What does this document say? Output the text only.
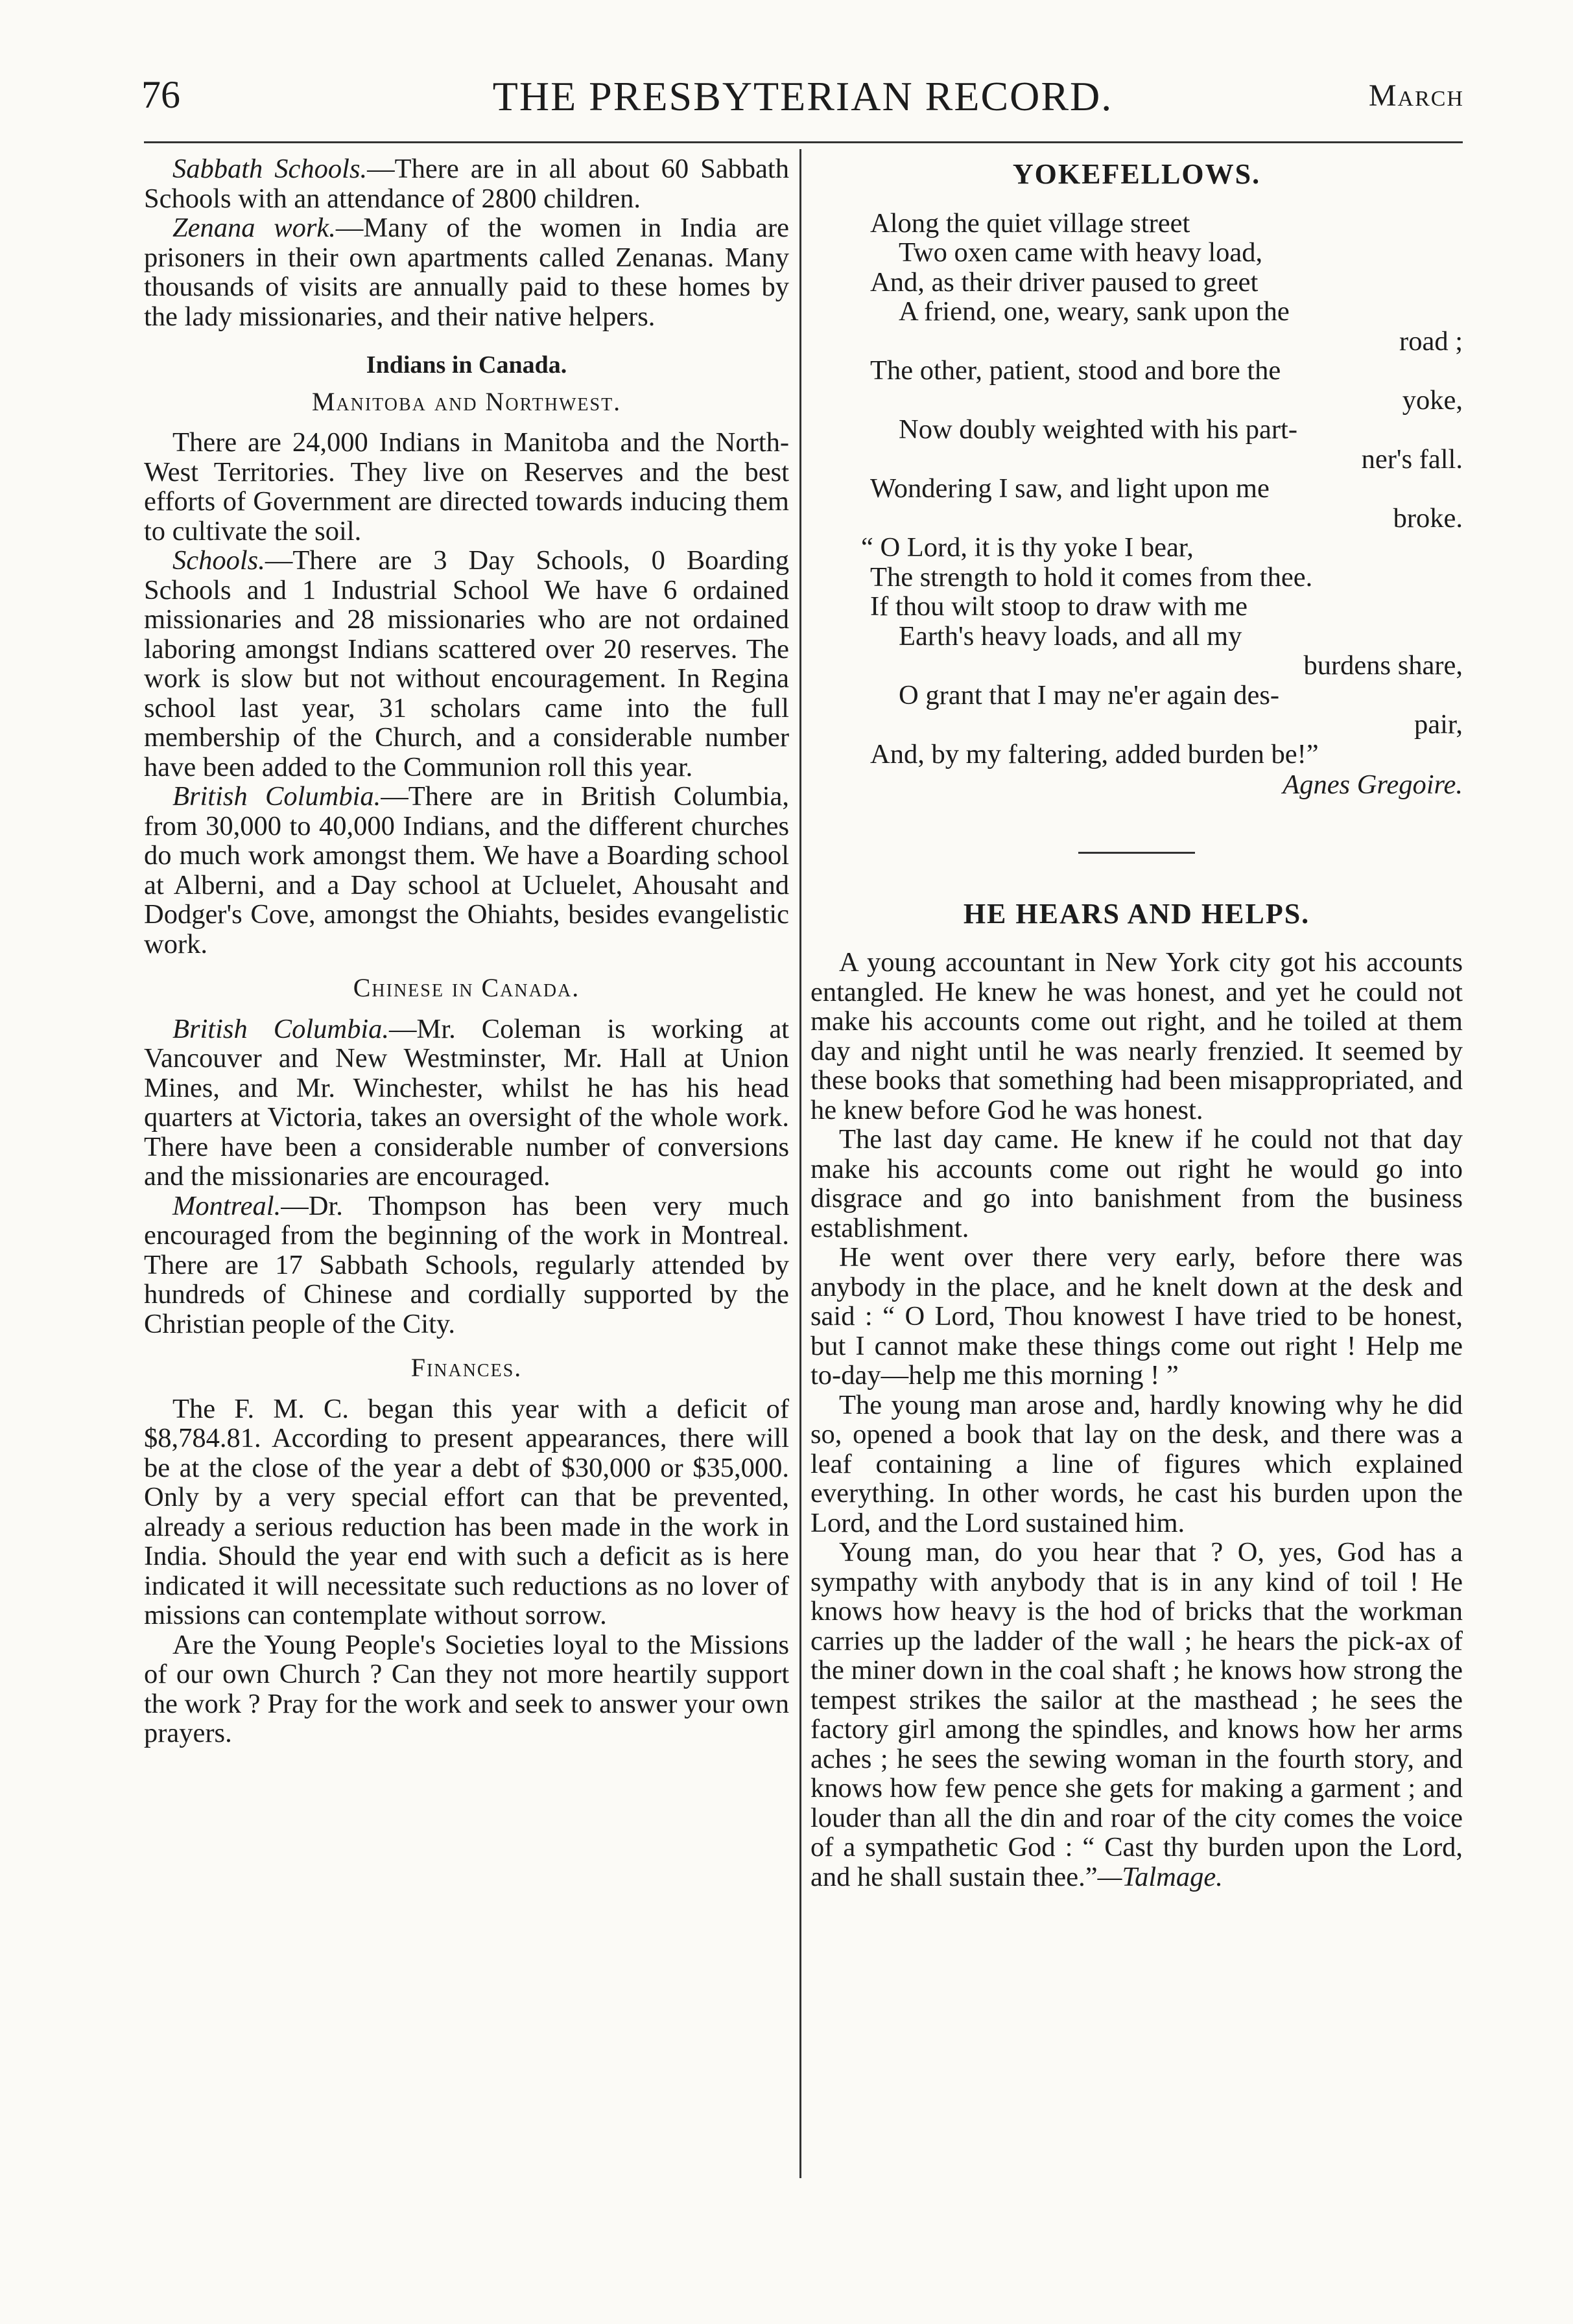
76	THE PRESBYTERIAN RECORD.	March

Sabbath Schools.—There are in all about 60 Sabbath Schools with an attendance of 2800 children.

Zenana work.—Many of the women in India are prisoners in their own apartments called Zenanas. Many thousands of visits are annually paid to these homes by the lady missionaries, and their native helpers.

Indians in Canada.
Manitoba and Northwest.

There are 24,000 Indians in Manitoba and the North-West Territories. They live on Reserves and the best efforts of Government are directed towards inducing them to cultivate the soil.

Schools.—There are 3 Day Schools, 0 Boarding Schools and 1 Industrial School We have 6 ordained missionaries and 28 missionaries who are not ordained laboring amongst Indians scattered over 20 reserves. The work is slow but not without encouragement. In Regina school last year, 31 scholars came into the full membership of the Church, and a considerable number have been added to the Communion roll this year.

British Columbia.—There are in British Columbia, from 30,000 to 40,000 Indians, and the different churches do much work amongst them. We have a Boarding school at Alberni, and a Day school at Ucluelet, Ahousaht and Dodger's Cove, amongst the Ohiahts, besides evangelistic work.

Chinese in Canada.

British Columbia.—Mr. Coleman is working at Vancouver and New Westminster, Mr. Hall at Union Mines, and Mr. Winchester, whilst he has his head quarters at Victoria, takes an oversight of the whole work. There have been a considerable number of conversions and the missionaries are encouraged.

Montreal.—Dr. Thompson has been very much encouraged from the beginning of the work in Montreal. There are 17 Sabbath Schools, regularly attended by hundreds of Chinese and cordially supported by the Christian people of the City.

Finances.

The F. M. C. began this year with a deficit of $8,784.81. According to present appearances, there will be at the close of the year a debt of $30,000 or $35,000. Only by a very special effort can that be prevented, already a serious reduction has been made in the work in India. Should the year end with such a deficit as is here indicated it will necessitate such reductions as no lover of missions can contemplate without sorrow.

Are the Young People's Societies loyal to the Missions of our own Church ? Can they not more heartily support the work ? Pray for the work and seek to answer your own prayers.

YOKEFELLOWS.
Along the quiet village street
Two oxen came with heavy load,
And, as their driver paused to greet
A friend, one, weary, sank upon the
road ;
The other, patient, stood and bore the
yoke,
Now doubly weighted with his part-
ner's fall.
Wondering I saw, and light upon me
broke.
“ O Lord, it is thy yoke I bear,
The strength to hold it comes from thee.
If thou wilt stoop to draw with me
Earth's heavy loads, and all my
burdens share,
O grant that I may ne'er again des-
pair,
And, by my faltering, added burden be!”
Agnes Gregoire.
HE HEARS AND HELPS.

A young accountant in New York city got his accounts entangled. He knew he was honest, and yet he could not make his accounts come out right, and he toiled at them day and night until he was nearly frenzied. It seemed by these books that something had been misappropriated, and he knew before God he was honest.

The last day came. He knew if he could not that day make his accounts come out right he would go into disgrace and go into banishment from the business establishment.

He went over there very early, before there was anybody in the place, and he knelt down at the desk and said : “ O Lord, Thou knowest I have tried to be honest, but I cannot make these things come out right ! Help me to-day—help me this morning ! ”

The young man arose and, hardly knowing why he did so, opened a book that lay on the desk, and there was a leaf containing a line of figures which explained everything. In other words, he cast his burden upon the Lord, and the Lord sustained him.

Young man, do you hear that ? O, yes, God has a sympathy with anybody that is in any kind of toil ! He knows how heavy is the hod of bricks that the workman carries up the ladder of the wall ; he hears the pick-ax of the miner down in the coal shaft ; he knows how strong the tempest strikes the sailor at the masthead ; he sees the factory girl among the spindles, and knows how her arms aches ; he sees the sewing woman in the fourth story, and knows how few pence she gets for making a garment ; and louder than all the din and roar of the city comes the voice of a sympathetic God : “ Cast thy burden upon the Lord, and he shall sustain thee.”—Talmage.
